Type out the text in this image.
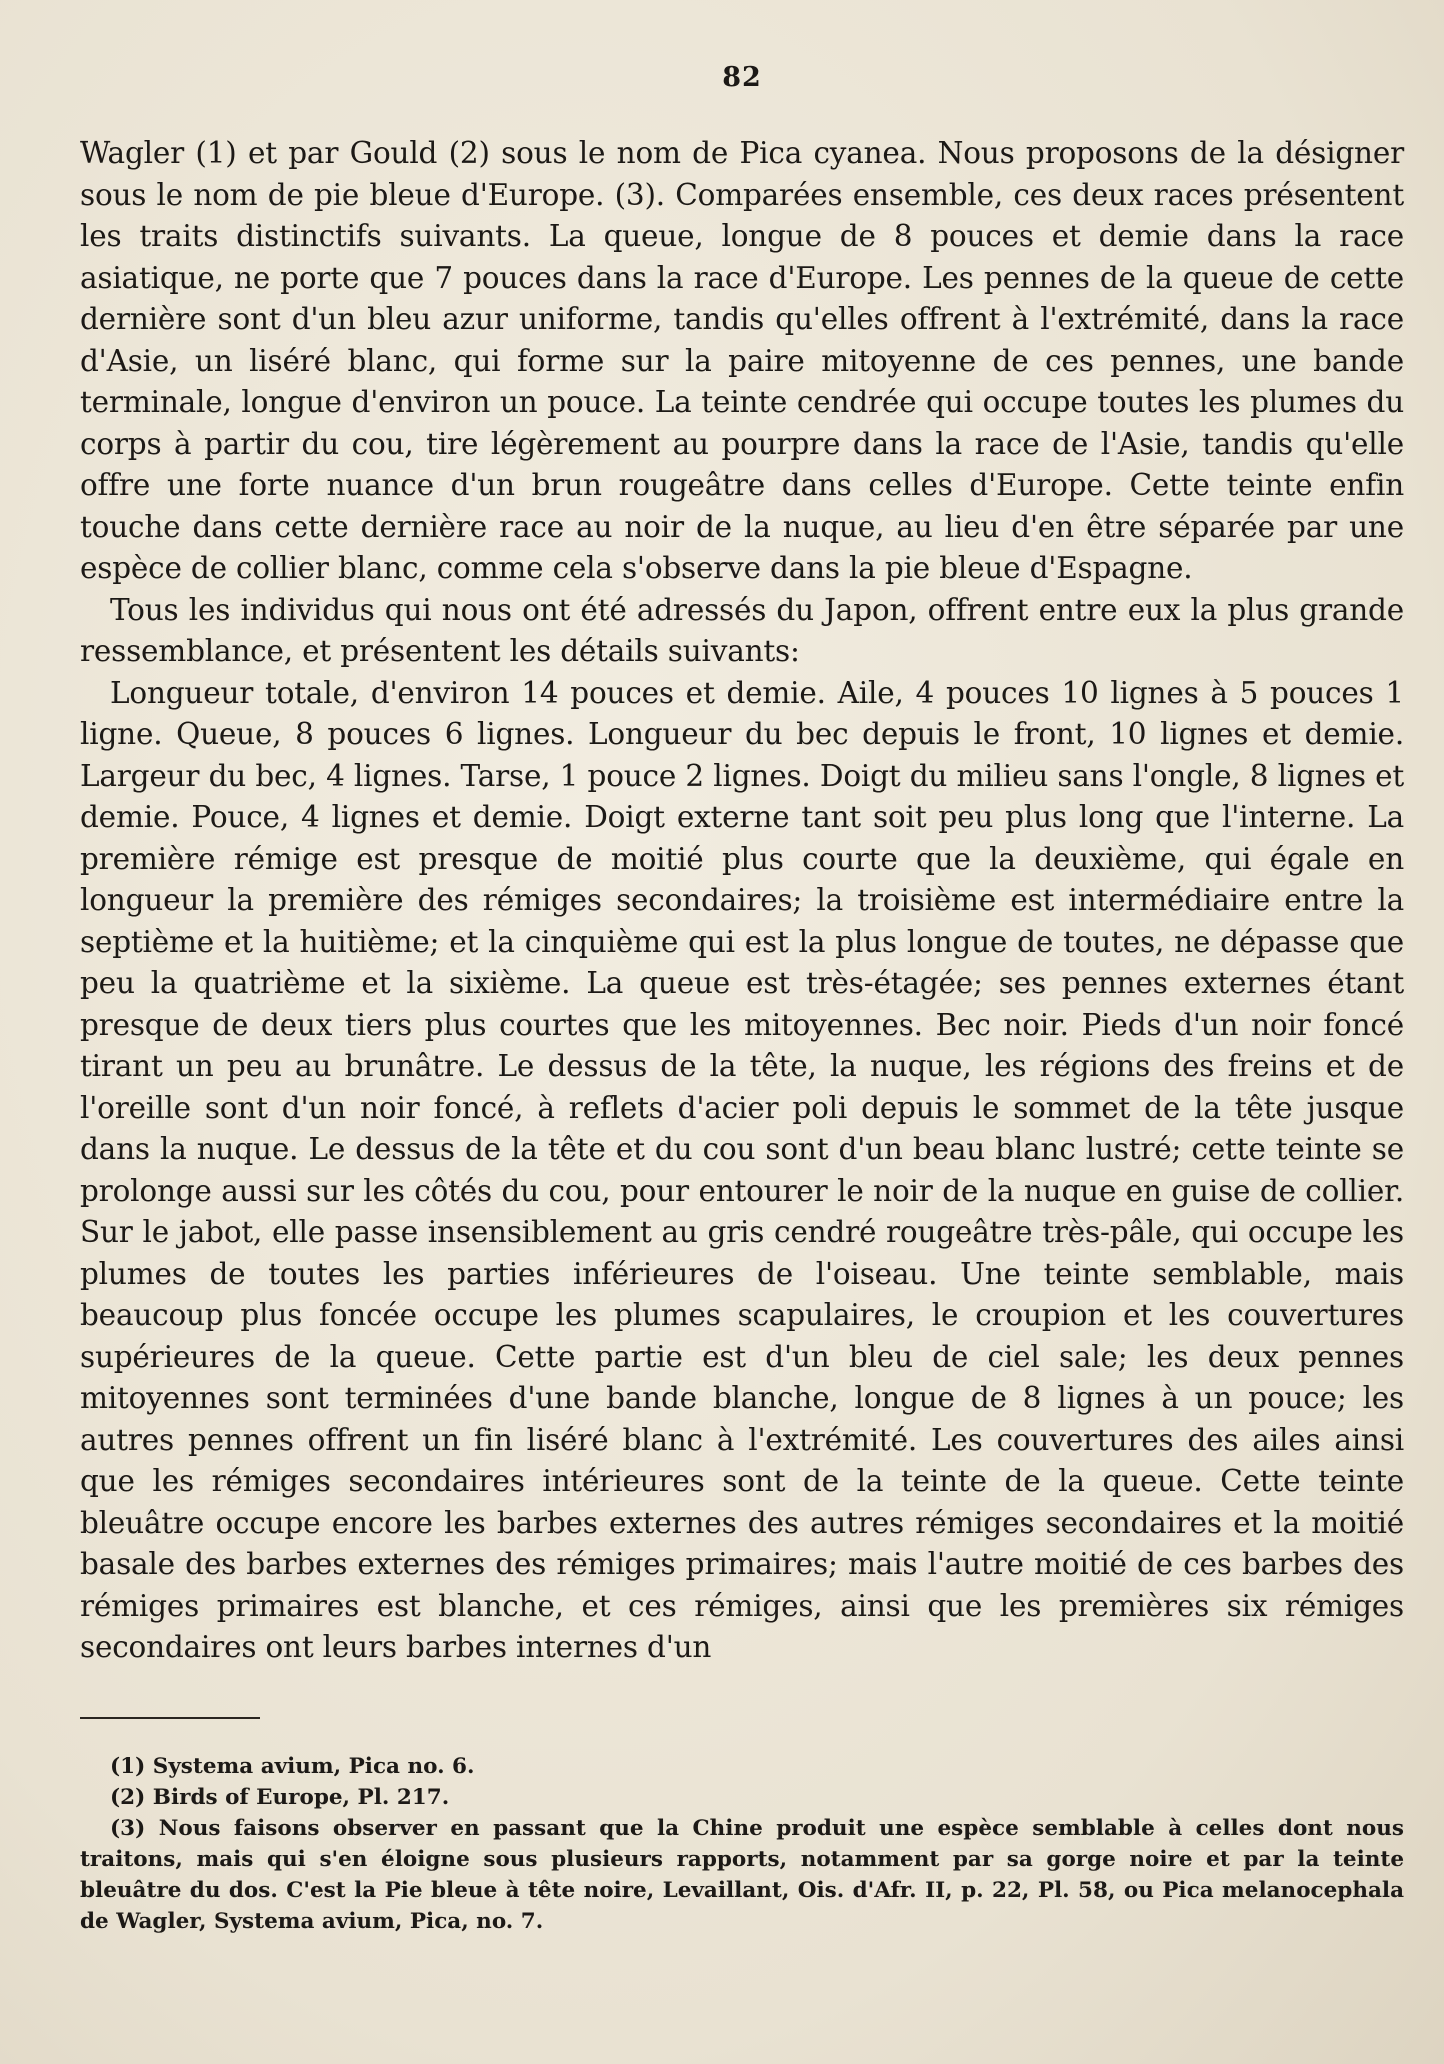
82

Wagler (1) et par Gould (2) sous le nom de Pica cyanea. Nous proposons de la désigner sous le nom de pie bleue d'Europe. (3). Comparées ensemble, ces deux races présentent les traits distinctifs suivants. La queue, longue de 8 pouces et demie dans la race asiatique, ne porte que 7 pouces dans la race d'Europe. Les pennes de la queue de cette dernière sont d'un bleu azur uniforme, tandis qu'elles offrent à l'extrémité, dans la race d'Asie, un liséré blanc, qui forme sur la paire mitoyenne de ces pennes, une bande terminale, longue d'environ un pouce. La teinte cendrée qui occupe toutes les plumes du corps à partir du cou, tire légèrement au pourpre dans la race de l'Asie, tandis qu'elle offre une forte nuance d'un brun rougeâtre dans celles d'Europe. Cette teinte enfin touche dans cette dernière race au noir de la nuque, au lieu d'en être séparée par une espèce de collier blanc, comme cela s'observe dans la pie bleue d'Espagne.

Tous les individus qui nous ont été adressés du Japon, offrent entre eux la plus grande ressemblance, et présentent les détails suivants:

Longueur totale, d'environ 14 pouces et demie. Aile, 4 pouces 10 lignes à 5 pouces 1 ligne. Queue, 8 pouces 6 lignes. Longueur du bec depuis le front, 10 lignes et demie. Largeur du bec, 4 lignes. Tarse, 1 pouce 2 lignes. Doigt du milieu sans l'ongle, 8 lignes et demie. Pouce, 4 lignes et demie. Doigt externe tant soit peu plus long que l'interne. La première rémige est presque de moitié plus courte que la deuxième, qui égale en longueur la première des rémiges secondaires; la troisième est intermédiaire entre la septième et la huitième; et la cinquième qui est la plus longue de toutes, ne dépasse que peu la quatrième et la sixième. La queue est très-étagée; ses pennes externes étant presque de deux tiers plus courtes que les mitoyennes. Bec noir. Pieds d'un noir foncé tirant un peu au brunâtre. Le dessus de la tête, la nuque, les régions des freins et de l'oreille sont d'un noir foncé, à reflets d'acier poli depuis le sommet de la tête jusque dans la nuque. Le dessus de la tête et du cou sont d'un beau blanc lustré; cette teinte se prolonge aussi sur les côtés du cou, pour entourer le noir de la nuque en guise de collier. Sur le jabot, elle passe insensiblement au gris cendré rougeâtre très-pâle, qui occupe les plumes de toutes les parties inférieures de l'oiseau. Une teinte semblable, mais beaucoup plus foncée occupe les plumes scapulaires, le croupion et les couvertures supérieures de la queue. Cette partie est d'un bleu de ciel sale; les deux pennes mitoyennes sont terminées d'une bande blanche, longue de 8 lignes à un pouce; les autres pennes offrent un fin liséré blanc à l'extrémité. Les couvertures des ailes ainsi que les rémiges secondaires intérieures sont de la teinte de la queue. Cette teinte bleuâtre occupe encore les barbes externes des autres rémiges secondaires et la moitié basale des barbes externes des rémiges primaires; mais l'autre moitié de ces barbes des rémiges primaires est blanche, et ces rémiges, ainsi que les premières six rémiges secondaires ont leurs barbes internes d'un

(1) Systema avium, Pica no. 6.

(2) Birds of Europe, Pl. 217.

(3) Nous faisons observer en passant que la Chine produit une espèce semblable à celles dont nous traitons, mais qui s'en éloigne sous plusieurs rapports, notamment par sa gorge noire et par la teinte bleuâtre du dos. C'est la Pie bleue à tête noire, Levaillant, Ois. d'Afr. II, p. 22, Pl. 58, ou Pica melanocephala de Wagler, Systema avium, Pica, no. 7.
